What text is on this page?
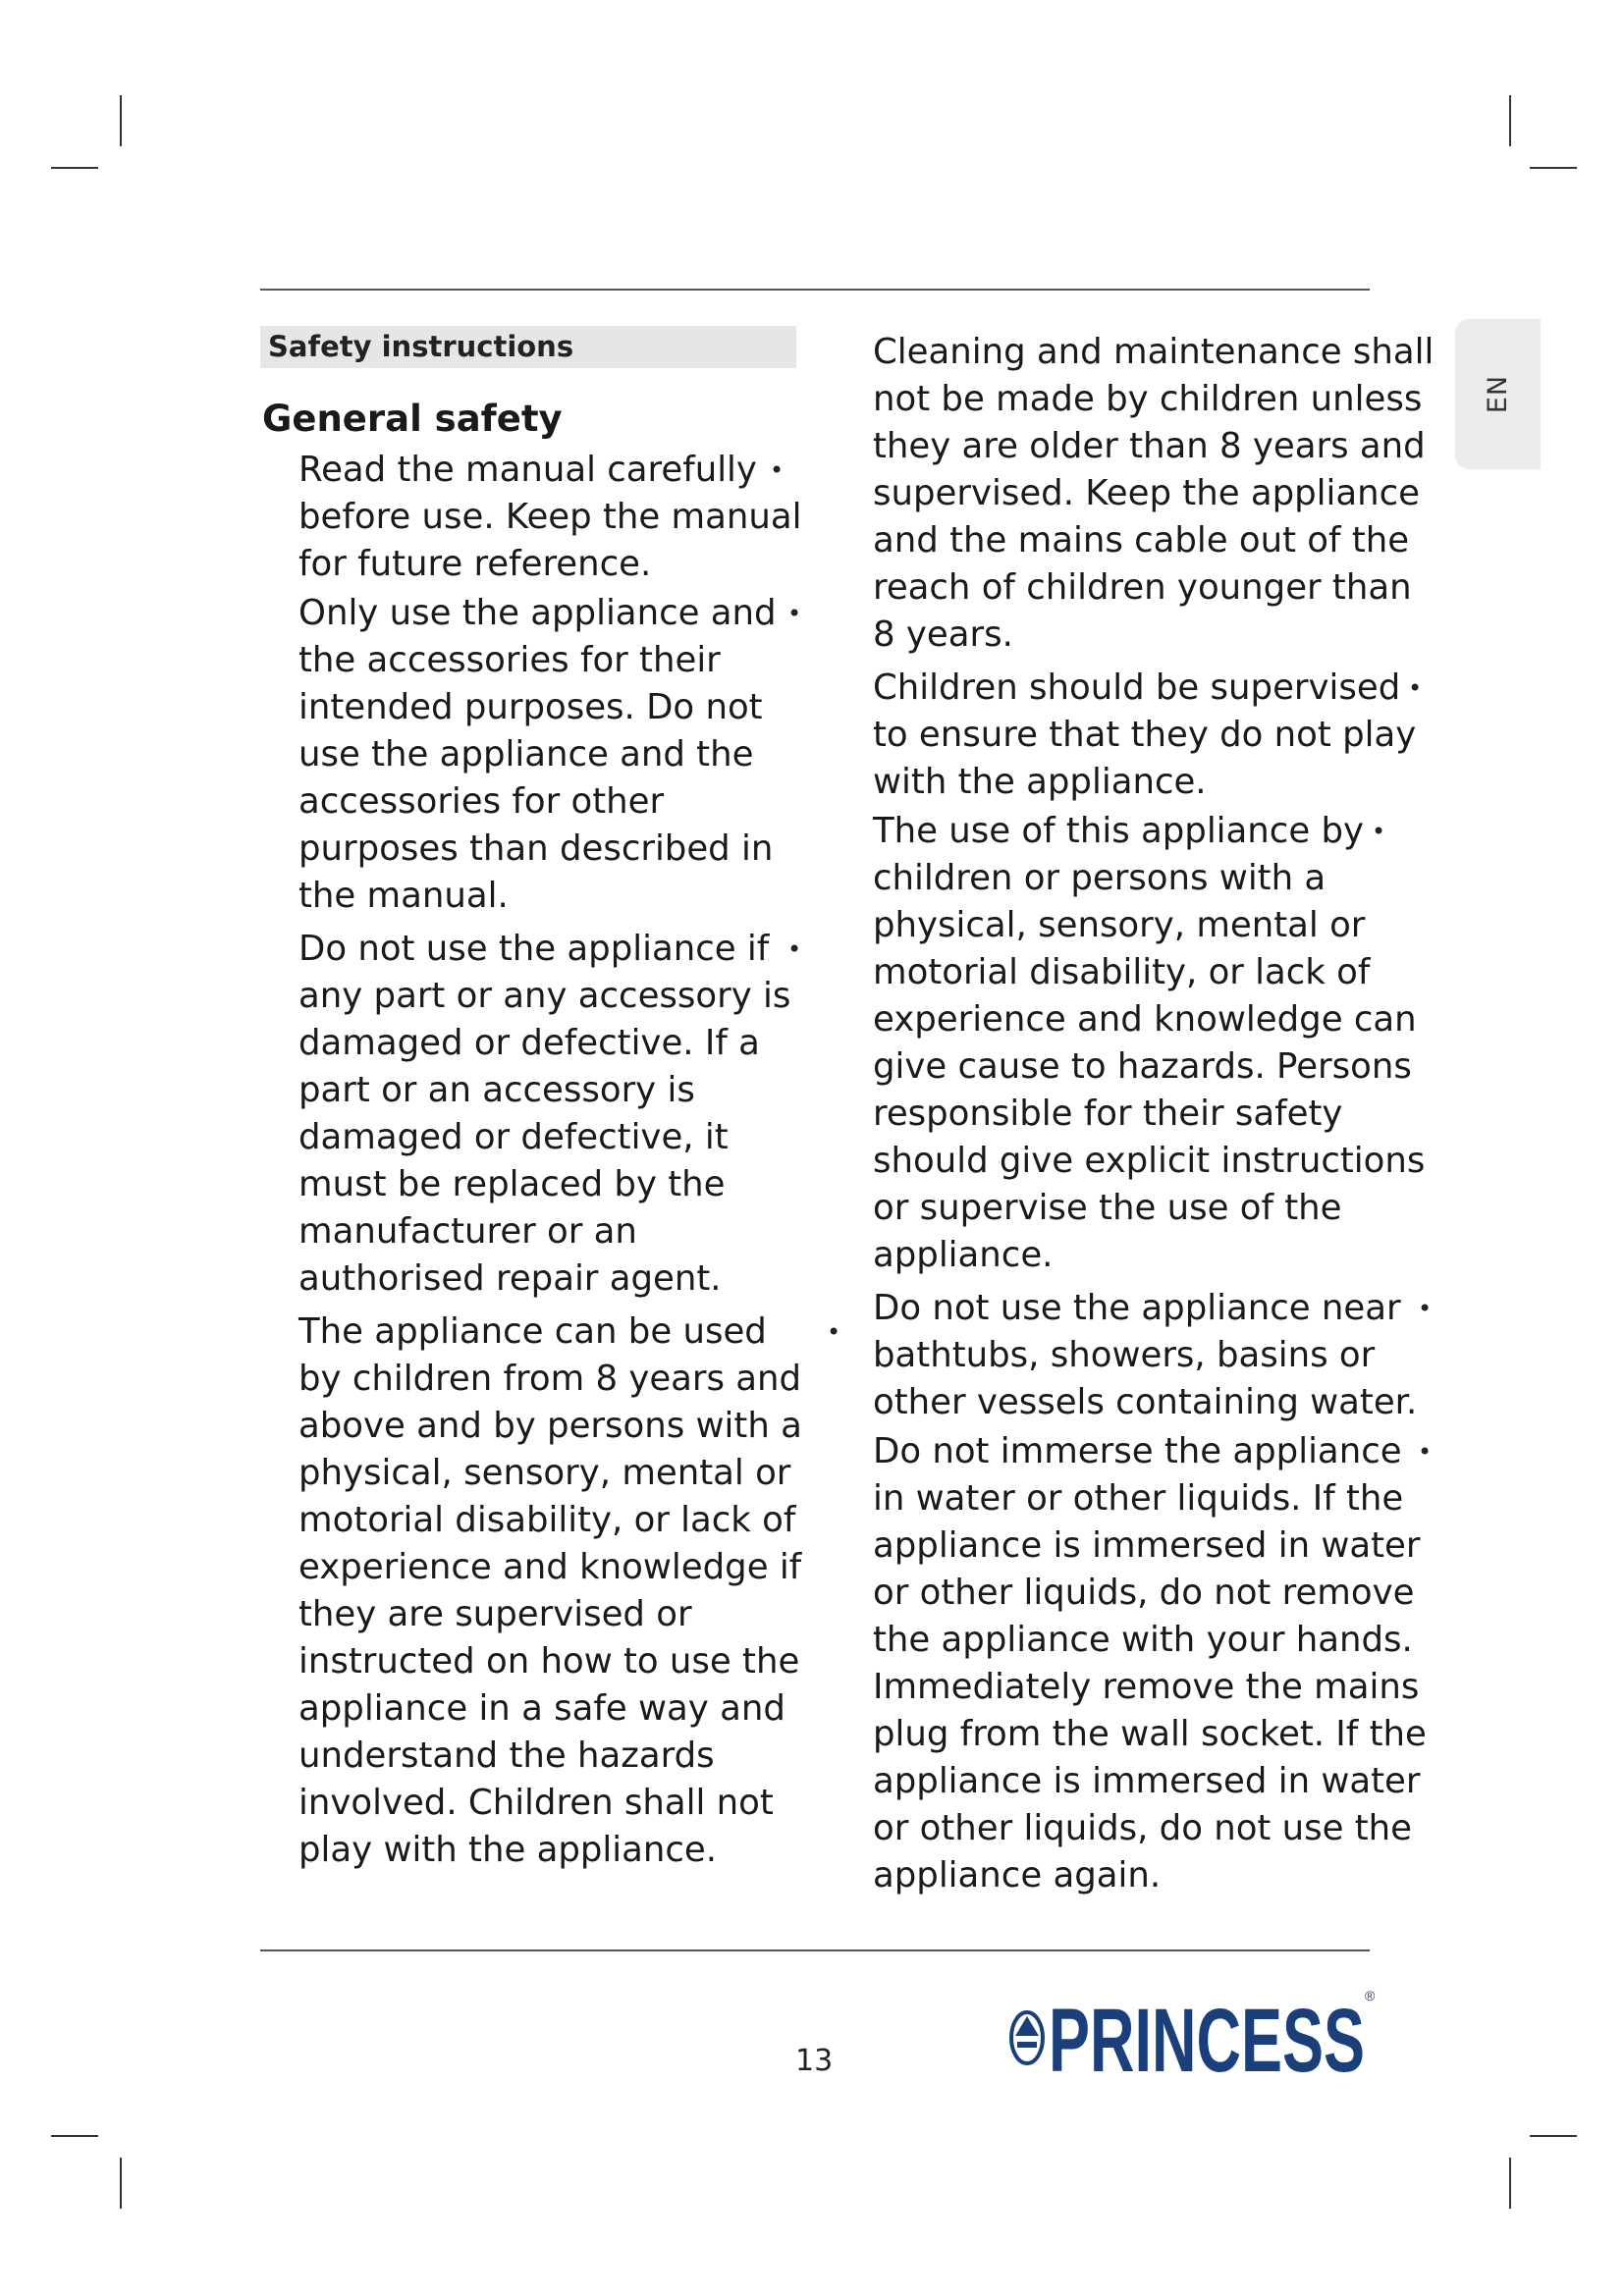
Safety instructions
EN
General safety
Read the manual carefully before use. Keep the manual for future reference.
•
Only use the appliance and the accessories for their intended purposes. Do not use the appliance and the accessories for other purposes than described in the manual.
•
Do not use the appliance if any part or any accessory is damaged or defective. If a part or an accessory is damaged or defective, it must be replaced by the manufacturer or an authorised repair agent.
•
The appliance can be used by children from 8 years and above and by persons with a physical, sensory, mental or motorial disability, or lack of experience and knowledge if they are supervised or instructed on how to use the appliance in a safe way and understand the hazards involved. Children shall not play with the appliance.
•
Cleaning and maintenance shall not be made by children unless they are older than 8 years and supervised. Keep the appliance and the mains cable out of the reach of children younger than 8 years.
Children should be supervised to ensure that they do not play with the appliance.
•
The use of this appliance by children or persons with a physical, sensory, mental or motorial disability, or lack of experience and knowledge can give cause to hazards. Persons responsible for their safety should give explicit instructions or supervise the use of the appliance.
•
Do not use the appliance near bathtubs, showers, basins or other vessels containing water.
•
Do not immerse the appliance in water or other liquids. If the appliance is immersed in water or other liquids, do not remove the appliance with your hands. Immediately remove the mains plug from the wall socket. If the appliance is immersed in water or other liquids, do not use the appliance again.
•
13 PRINCESS ®
